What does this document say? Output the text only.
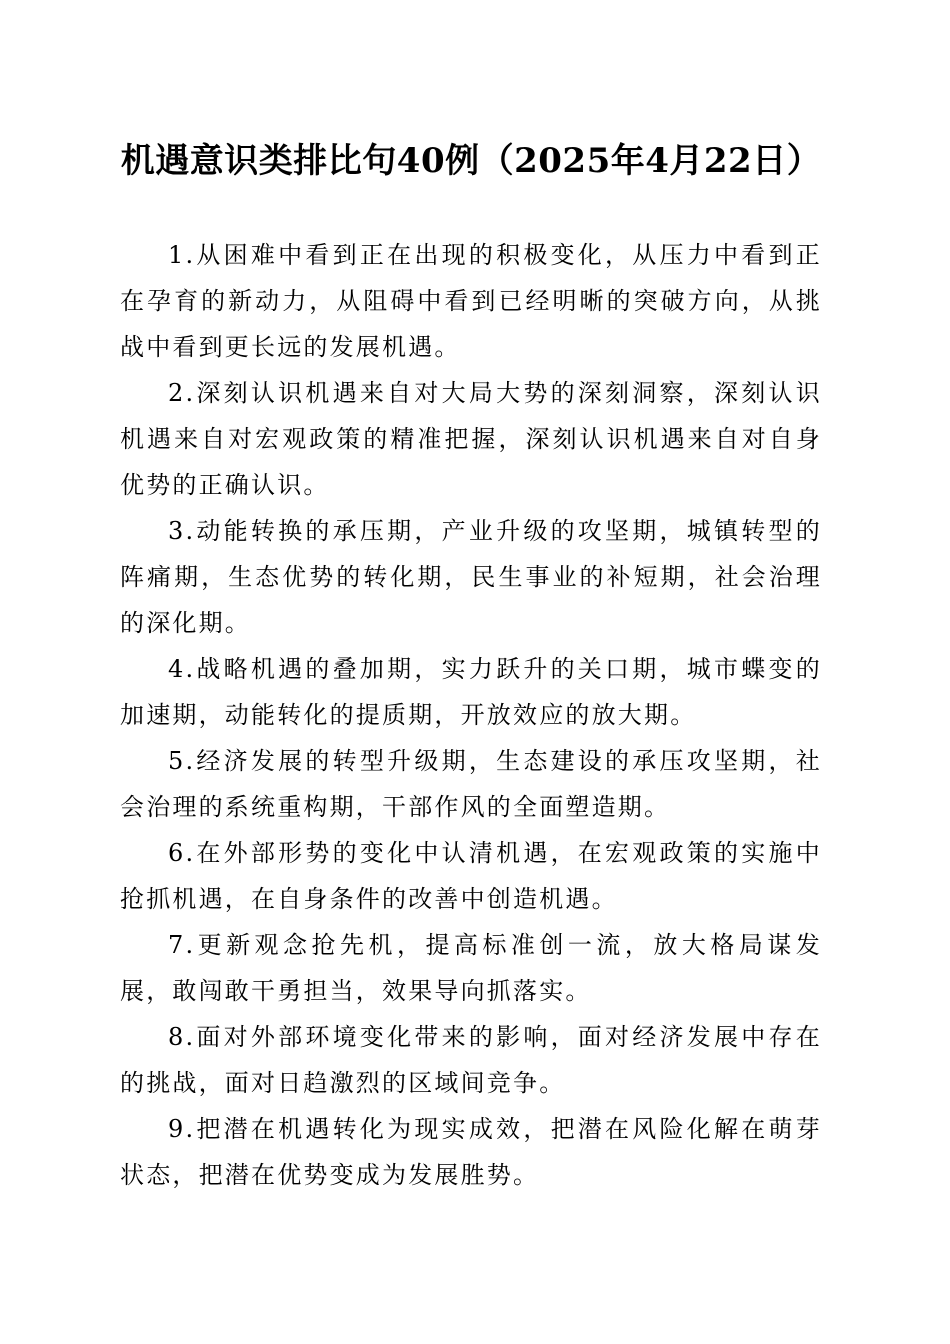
机遇意识类排比句40例（2025年4月22日）

1.从困难中看到正在出现的积极变化，从压力中看到正在孕育的新动力，从阻碍中看到已经明晰的突破方向，从挑战中看到更长远的发展机遇。

2.深刻认识机遇来自对大局大势的深刻洞察，深刻认识机遇来自对宏观政策的精准把握，深刻认识机遇来自对自身优势的正确认识。

3.动能转换的承压期，产业升级的攻坚期，城镇转型的阵痛期，生态优势的转化期，民生事业的补短期，社会治理的深化期。

4.战略机遇的叠加期，实力跃升的关口期，城市蝶变的加速期，动能转化的提质期，开放效应的放大期。

5.经济发展的转型升级期，生态建设的承压攻坚期，社会治理的系统重构期，干部作风的全面塑造期。

6.在外部形势的变化中认清机遇，在宏观政策的实施中抢抓机遇，在自身条件的改善中创造机遇。

7.更新观念抢先机，提高标准创一流，放大格局谋发展，敢闯敢干勇担当，效果导向抓落实。

8.面对外部环境变化带来的影响，面对经济发展中存在的挑战，面对日趋激烈的区域间竞争。

9.把潜在机遇转化为现实成效，把潜在风险化解在萌芽状态，把潜在优势变成为发展胜势。
